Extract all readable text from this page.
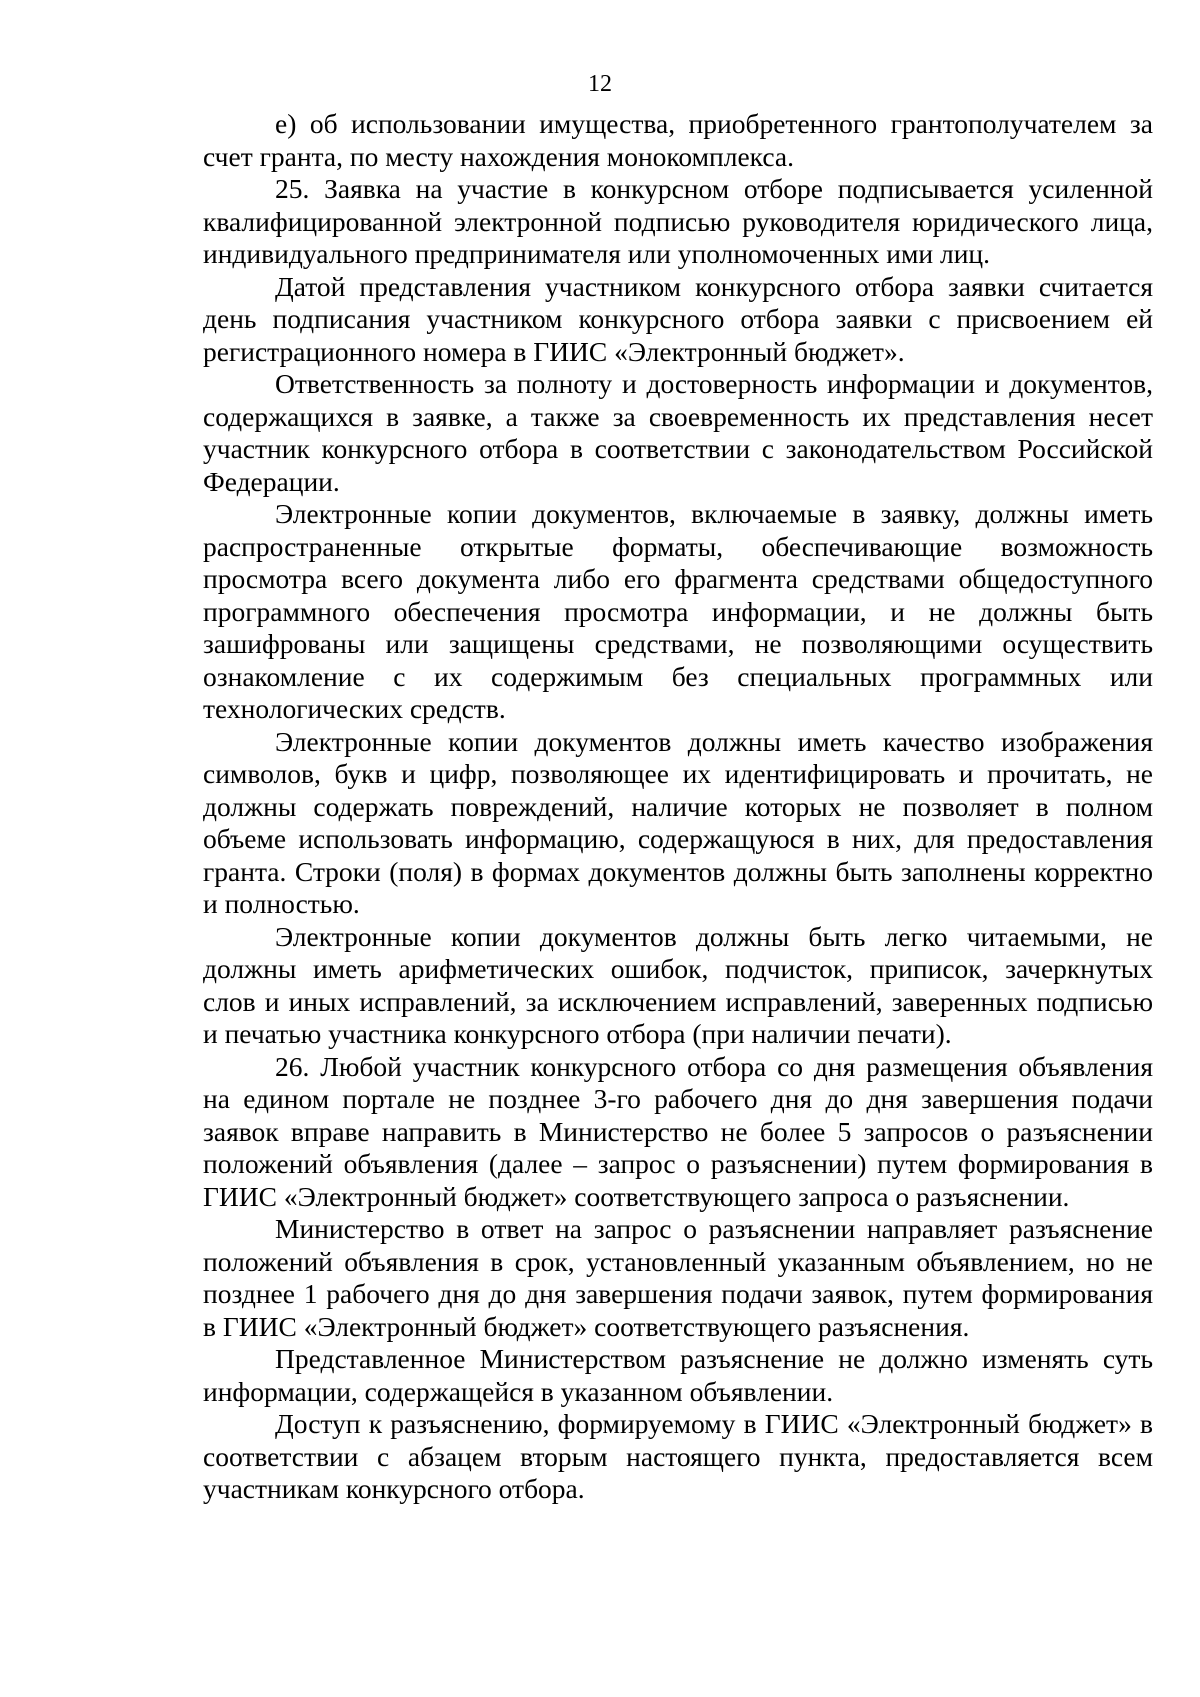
12

е) об использовании имущества, приобретенного грантополучателем за счет гранта, по месту нахождения монокомплекса.

25. Заявка на участие в конкурсном отборе подписывается усиленной квалифицированной электронной подписью руководителя юридического лица, индивидуального предпринимателя или уполномоченных ими лиц.

Датой представления участником конкурсного отбора заявки считается день подписания участником конкурсного отбора заявки с присвоением ей регистрационного номера в ГИИС «Электронный бюджет».

Ответственность за полноту и достоверность информации и документов, содержащихся в заявке, а также за своевременность их представления несет участник конкурсного отбора в соответствии с законодательством Российской Федерации.

Электронные копии документов, включаемые в заявку, должны иметь распространенные открытые форматы, обеспечивающие возможность просмотра всего документа либо его фрагмента средствами общедоступного программного обеспечения просмотра информации, и не должны быть зашифрованы или защищены средствами, не позволяющими осуществить ознакомление с их содержимым без специальных программных или технологических средств.

Электронные копии документов должны иметь качество изображения символов, букв и цифр, позволяющее их идентифицировать и прочитать, не должны содержать повреждений, наличие которых не позволяет в полном объеме использовать информацию, содержащуюся в них, для предоставления гранта. Строки (поля) в формах документов должны быть заполнены корректно и полностью.

Электронные копии документов должны быть легко читаемыми, не должны иметь арифметических ошибок, подчисток, приписок, зачеркнутых слов и иных исправлений, за исключением исправлений, заверенных подписью и печатью участника конкурсного отбора (при наличии печати).

26. Любой участник конкурсного отбора со дня размещения объявления на едином портале не позднее 3-го рабочего дня до дня завершения подачи заявок вправе направить в Министерство не более 5 запросов о разъяснении положений объявления (далее – запрос о разъяснении) путем формирования в ГИИС «Электронный бюджет» соответствующего запроса о разъяснении.

Министерство в ответ на запрос о разъяснении направляет разъяснение положений объявления в срок, установленный указанным объявлением, но не позднее 1 рабочего дня до дня завершения подачи заявок, путем формирования в ГИИС «Электронный бюджет» соответствующего разъяснения.

Представленное Министерством разъяснение не должно изменять суть информации, содержащейся в указанном объявлении.

Доступ к разъяснению, формируемому в ГИИС «Электронный бюджет» в соответствии с абзацем вторым настоящего пункта, предоставляется всем участникам конкурсного отбора.
